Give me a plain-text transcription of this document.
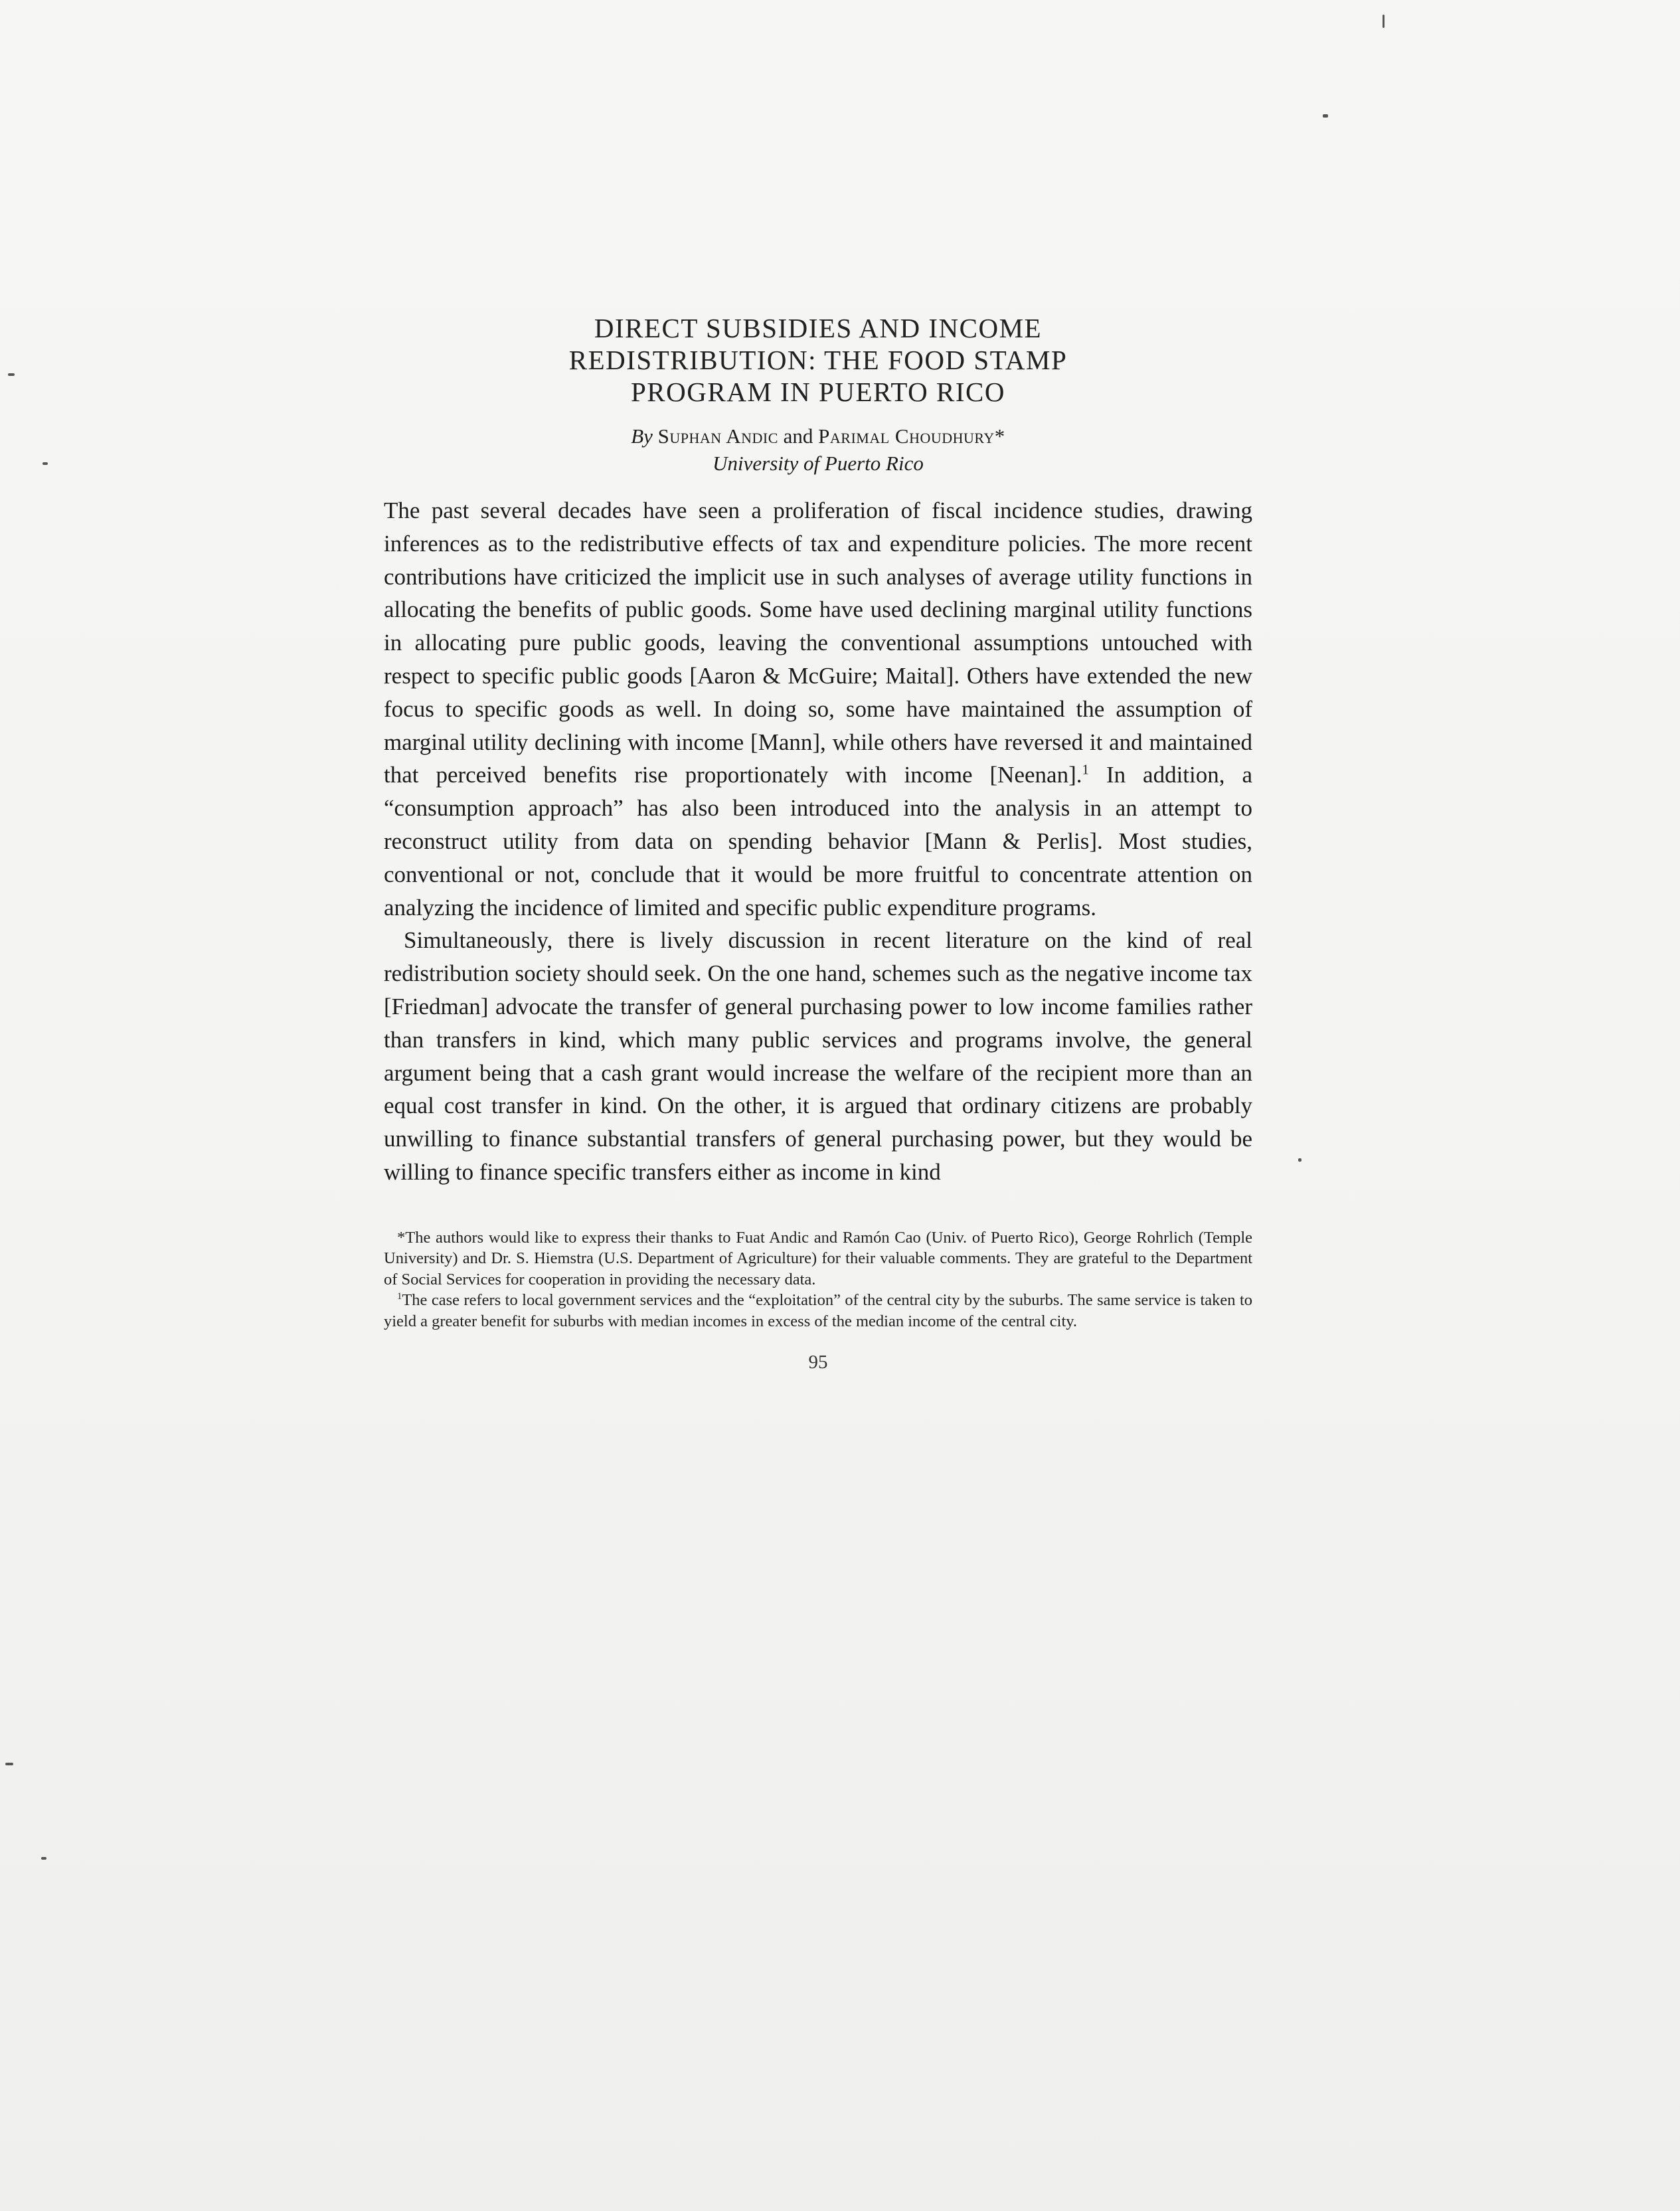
DIRECT SUBSIDIES AND INCOME
REDISTRIBUTION: THE FOOD STAMP
PROGRAM IN PUERTO RICO
By Suphan Andic and Parimal Choudhury*
University of Puerto Rico

The past several decades have seen a proliferation of fiscal incidence studies, drawing inferences as to the redistributive effects of tax and expenditure policies. The more recent contributions have criticized the implicit use in such analyses of average utility functions in allocating the benefits of public goods. Some have used declining marginal utility functions in allocating pure public goods, leaving the conventional assumptions untouched with respect to specific public goods [Aaron & McGuire; Maital]. Others have extended the new focus to specific goods as well. In doing so, some have maintained the assumption of marginal utility declining with income [Mann], while others have reversed it and maintained that perceived benefits rise proportionately with income [Neenan].$^1$ In addition, a “consumption approach” has also been introduced into the analysis in an attempt to reconstruct utility from data on spending behavior [Mann & Perlis]. Most studies, conventional or not, conclude that it would be more fruitful to concentrate attention on analyzing the incidence of limited and specific public expenditure programs.

Simultaneously, there is lively discussion in recent literature on the kind of real redistribution society should seek. On the one hand, schemes such as the negative income tax [Friedman] advocate the transfer of general purchasing power to low income families rather than transfers in kind, which many public services and programs involve, the general argument being that a cash grant would increase the welfare of the recipient more than an equal cost transfer in kind. On the other, it is argued that ordinary citizens are probably unwilling to finance substantial transfers of general purchasing power, but they would be willing to finance specific transfers either as income in kind

*The authors would like to express their thanks to Fuat Andic and Ramón Cao (Univ. of Puerto Rico), George Rohrlich (Temple University) and Dr. S. Hiemstra (U.S. Department of Agriculture) for their valuable comments. They are grateful to the Department of Social Services for cooperation in providing the necessary data.

$^1$The case refers to local government services and the “exploitation” of the central city by the suburbs. The same service is taken to yield a greater benefit for suburbs with median incomes in excess of the median income of the central city.

95
